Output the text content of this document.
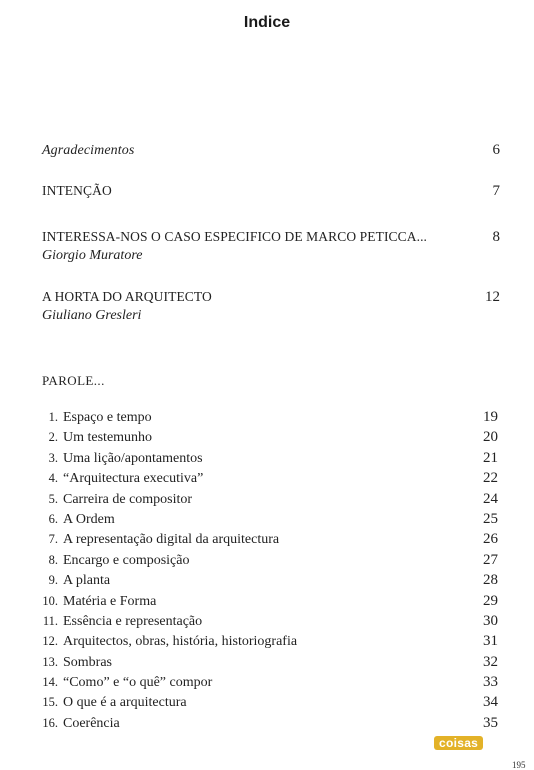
Indice
Agradecimentos	6
INTENÇÃO	7
INTERESSA-NOS O CASO ESPECIFICO DE MARCO PETICCA...	8
Giorgio Muratore
A HORTA DO ARQUITECTO	12
Giuliano Gresleri
PAROLE...
1. Espaço e tempo	19
2. Um testemunho	20
3. Uma lição/apontamentos	21
4. “Arquitectura executiva”	22
5. Carreira de compositor	24
6. A Ordem	25
7. A representação digital da arquitectura	26
8. Encargo e composição	27
9. A planta	28
10. Matéria e Forma	29
11. Essência e representação	30
12. Arquitectos, obras, história, historiografia	31
13. Sombras	32
14. “Como” e “o quê” compor	33
15. O que é a arquitectura	34
16. Coerência	35
coisas
195
